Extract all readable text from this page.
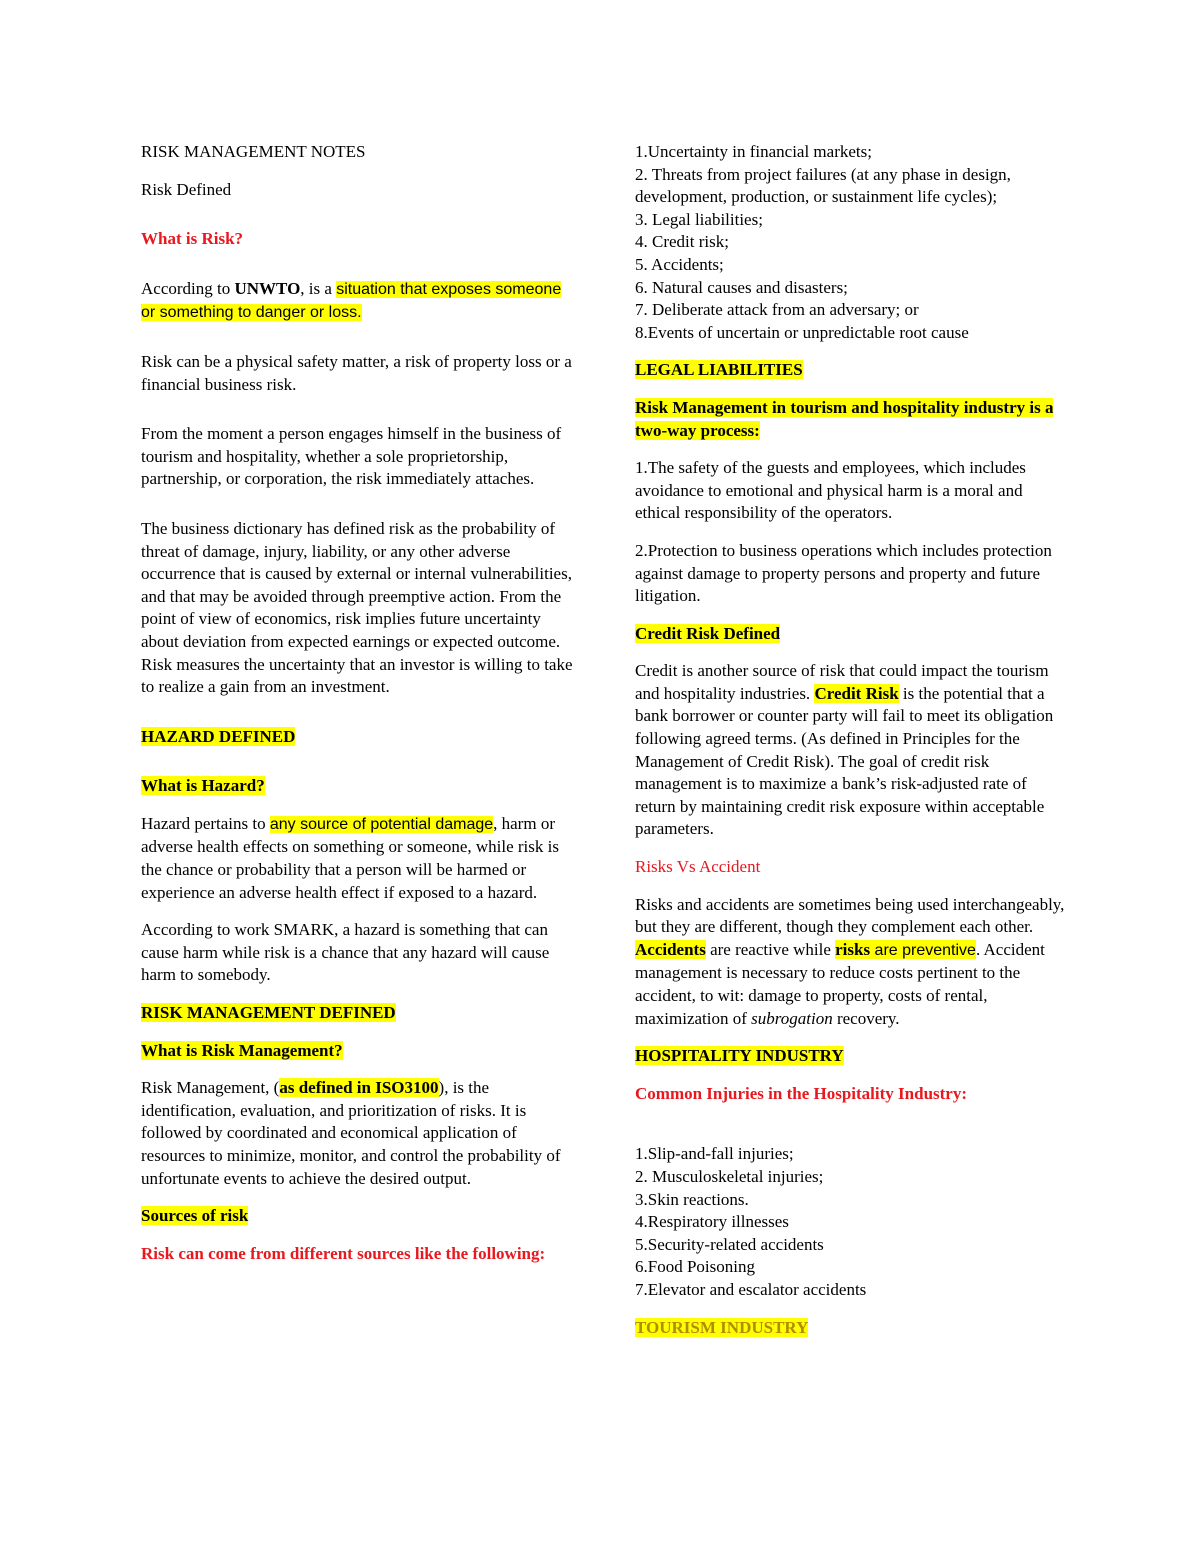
RISK MANAGEMENT NOTES

Risk Defined

What is Risk?

According to UNWTO, is a situation that exposes someone or something to danger or loss.

Risk can be a physical safety matter, a risk of property loss or a financial business risk.

From the moment a person engages himself in the business of tourism and hospitality, whether a sole proprietorship, partnership, or corporation, the risk immediately attaches.

The business dictionary has defined risk as the probability of threat of damage, injury, liability, or any other adverse occurrence that is caused by external or internal vulnerabilities, and that may be avoided through preemptive action. From the point of view of economics, risk implies future uncertainty about deviation from expected earnings or expected outcome. Risk measures the uncertainty that an investor is willing to take to realize a gain from an investment.

HAZARD DEFINED

What is Hazard?

Hazard pertains to any source of potential damage, harm or adverse health effects on something or someone, while risk is the chance or probability that a person will be harmed or experience an adverse health effect if exposed to a hazard.

According to work SMARK, a hazard is something that can cause harm while risk is a chance that any hazard will cause harm to somebody.

RISK MANAGEMENT DEFINED

What is Risk Management?

Risk Management, (as defined in ISO3100), is the identification, evaluation, and prioritization of risks. It is followed by coordinated and economical application of resources to minimize, monitor, and control the probability of unfortunate events to achieve the desired output.

Sources of risk

Risk can come from different sources like the following:

1.Uncertainty in financial markets;
2. Threats from project failures (at any phase in design, development, production, or sustainment life cycles);
3. Legal liabilities;
4. Credit risk;
5. Accidents;
6. Natural causes and disasters;
7. Deliberate attack from an adversary; or
8.Events of uncertain or unpredictable root cause

LEGAL LIABILITIES

Risk Management in tourism and hospitality industry is a two-way process:

1.The safety of the guests and employees, which includes avoidance to emotional and physical harm is a moral and ethical responsibility of the operators.

2.Protection to business operations which includes protection against damage to property persons and property and future litigation.

Credit Risk Defined

Credit is another source of risk that could impact the tourism and hospitality industries. Credit Risk is the potential that a bank borrower or counter party will fail to meet its obligation following agreed terms. (As defined in Principles for the Management of Credit Risk). The goal of credit risk management is to maximize a bank’s risk-adjusted rate of return by maintaining credit risk exposure within acceptable parameters.

Risks Vs Accident

Risks and accidents are sometimes being used interchangeably, but they are different, though they complement each other. Accidents are reactive while risks are preventive. Accident management is necessary to reduce costs pertinent to the accident, to wit: damage to property, costs of rental, maximization of subrogation recovery.

HOSPITALITY INDUSTRY

Common Injuries in the Hospitality Industry:

1.Slip-and-fall injuries;
2. Musculoskeletal injuries;
3.Skin reactions.
4.Respiratory illnesses
5.Security-related accidents
6.Food Poisoning
7.Elevator and escalator accidents

TOURISM INDUSTRY
